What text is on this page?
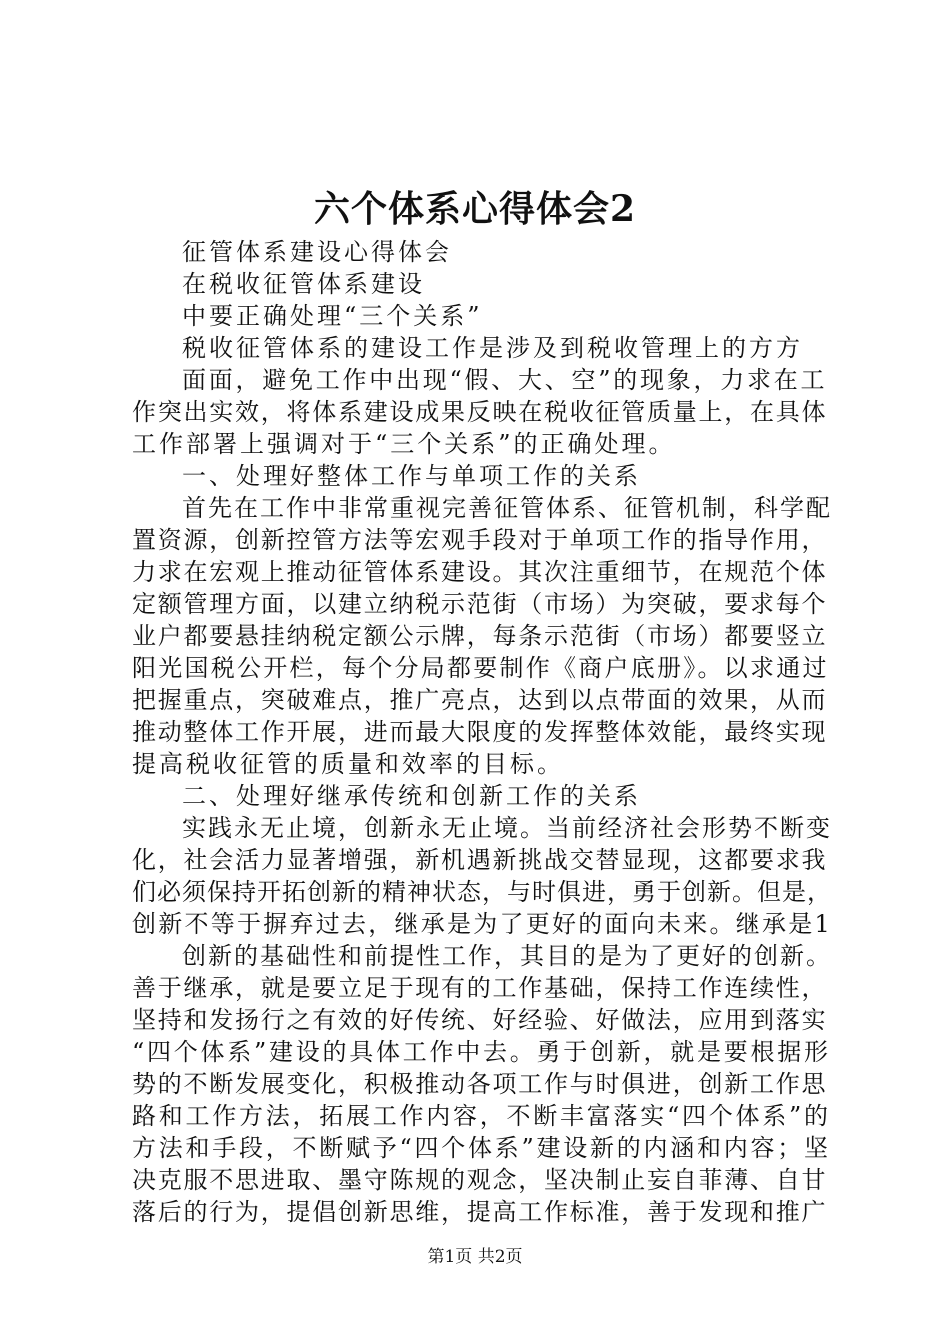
六个体系心得体会2
征管体系建设心得体会
在税收征管体系建设
中要正确处理“三个关系”
税收征管体系的建设工作是涉及到税收管理上的方方
面面，避免工作中出现“假、大、空”的现象，力求在工
作突出实效，将体系建设成果反映在税收征管质量上，在具体
工作部署上强调对于“三个关系”的正确处理。
一、处理好整体工作与单项工作的关系
首先在工作中非常重视完善征管体系、征管机制，科学配
置资源，创新控管方法等宏观手段对于单项工作的指导作用，
力求在宏观上推动征管体系建设。其次注重细节，在规范个体
定额管理方面，以建立纳税示范街（市场）为突破，要求每个
业户都要悬挂纳税定额公示牌，每条示范街（市场）都要竖立
阳光国税公开栏，每个分局都要制作《商户底册》。以求通过
把握重点，突破难点，推广亮点，达到以点带面的效果，从而
推动整体工作开展，进而最大限度的发挥整体效能，最终实现
提高税收征管的质量和效率的目标。
二、处理好继承传统和创新工作的关系
实践永无止境，创新永无止境。当前经济社会形势不断变
化，社会活力显著增强，新机遇新挑战交替显现，这都要求我
们必须保持开拓创新的精神状态，与时俱进，勇于创新。但是，
创新不等于摒弃过去，继承是为了更好的面向未来。继承是1
创新的基础性和前提性工作，其目的是为了更好的创新。
善于继承，就是要立足于现有的工作基础，保持工作连续性，
坚持和发扬行之有效的好传统、好经验、好做法，应用到落实
“四个体系”建设的具体工作中去。勇于创新，就是要根据形
势的不断发展变化，积极推动各项工作与时俱进，创新工作思
路和工作方法，拓展工作内容，不断丰富落实“四个体系”的
方法和手段，不断赋予“四个体系”建设新的内涵和内容；坚
决克服不思进取、墨守陈规的观念，坚决制止妄自菲薄、自甘
落后的行为，提倡创新思维，提高工作标准，善于发现和推广
第1页 共2页
